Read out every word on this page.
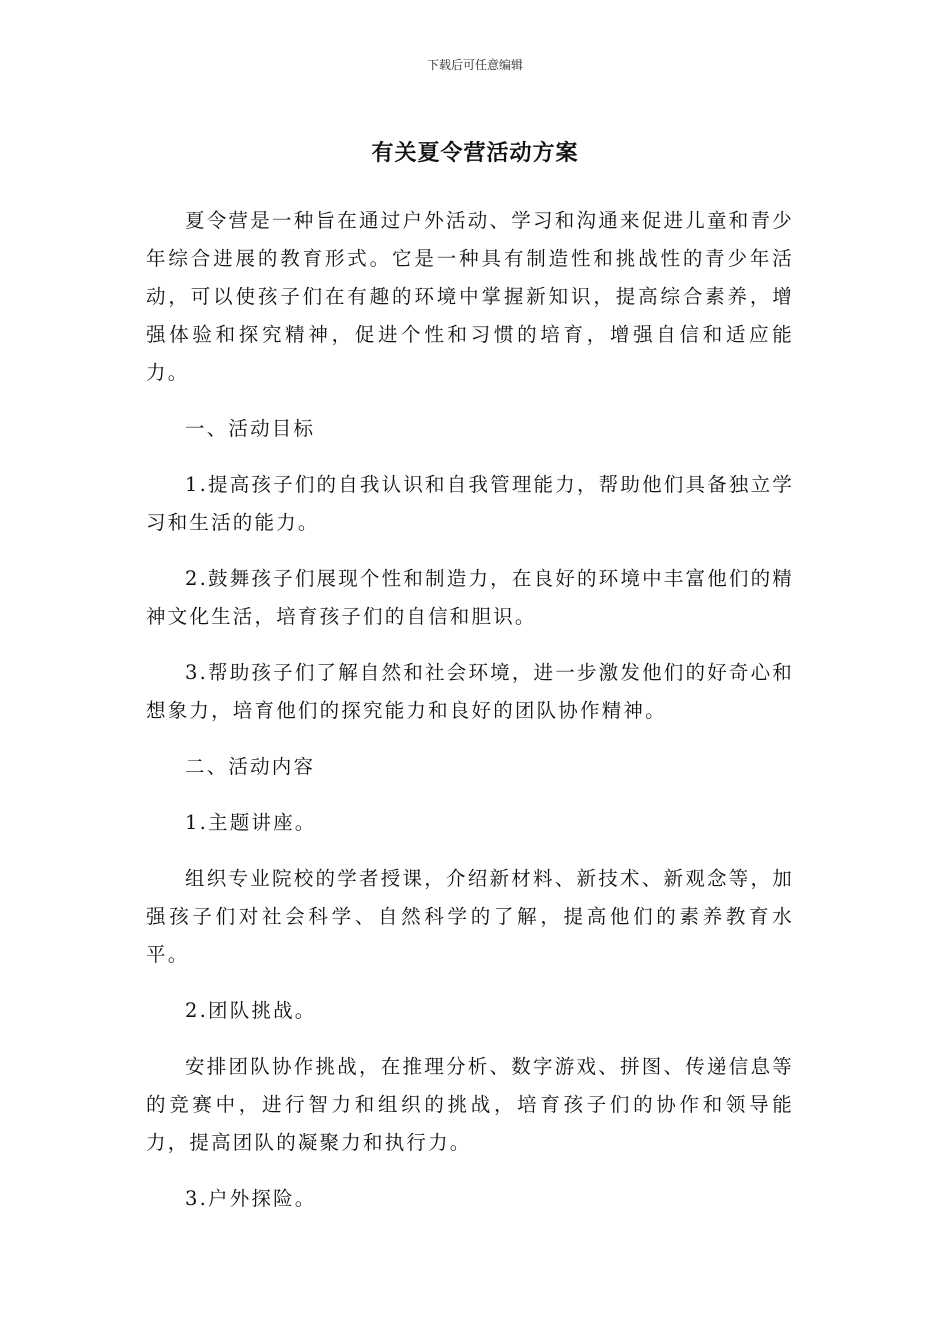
下载后可任意编辑
有关夏令营活动方案

夏令营是一种旨在通过户外活动、学习和沟通来促进儿童和青少年综合进展的教育形式。它是一种具有制造性和挑战性的青少年活动，可以使孩子们在有趣的环境中掌握新知识，提高综合素养，增强体验和探究精神，促进个性和习惯的培育，增强自信和适应能力。

一、活动目标

1.提高孩子们的自我认识和自我管理能力，帮助他们具备独立学习和生活的能力。

2.鼓舞孩子们展现个性和制造力，在良好的环境中丰富他们的精神文化生活，培育孩子们的自信和胆识。

3.帮助孩子们了解自然和社会环境，进一步激发他们的好奇心和想象力，培育他们的探究能力和良好的团队协作精神。

二、活动内容

1.主题讲座。

组织专业院校的学者授课，介绍新材料、新技术、新观念等，加强孩子们对社会科学、自然科学的了解，提高他们的素养教育水平。

2.团队挑战。

安排团队协作挑战，在推理分析、数字游戏、拼图、传递信息等的竞赛中，进行智力和组织的挑战，培育孩子们的协作和领导能力，提高团队的凝聚力和执行力。

3.户外探险。
